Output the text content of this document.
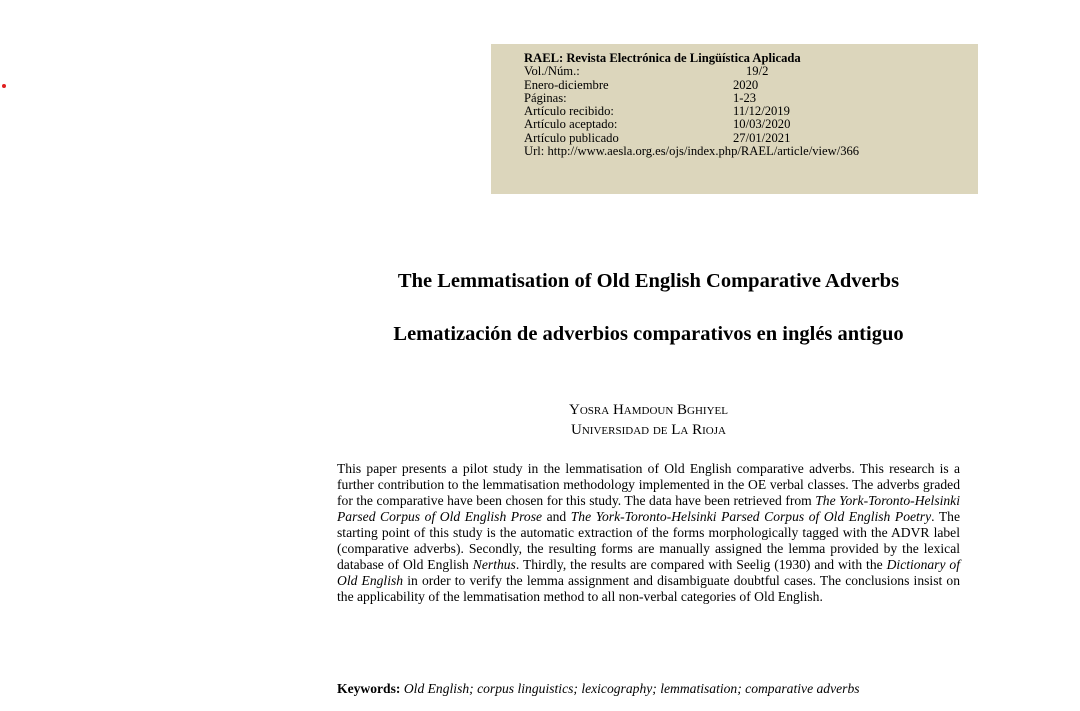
RAEL: Revista Electrónica de Lingüística Aplicada
Vol./Núm.:	19/2
Enero-diciembre	2020
Páginas:	1-23
Artículo recibido:	11/12/2019
Artículo aceptado:	10/03/2020
Artículo publicado	27/01/2021
Url: http://www.aesla.org.es/ojs/index.php/RAEL/article/view/366
The Lemmatisation of Old English Comparative Adverbs
Lematización de adverbios comparativos en inglés antiguo
Yosra Hamdoun Bghiyel
Universidad de La Rioja

This paper presents a pilot study in the lemmatisation of Old English comparative adverbs. This research is a further contribution to the lemmatisation methodology implemented in the OE verbal classes. The adverbs graded for the comparative have been chosen for this study. The data have been retrieved from The York-Toronto-Helsinki Parsed Corpus of Old English Prose and The York-Toronto-Helsinki Parsed Corpus of Old English Poetry. The starting point of this study is the automatic extraction of the forms morphologically tagged with the ADVR label (comparative adverbs). Secondly, the resulting forms are manually assigned the lemma provided by the lexical database of Old English Nerthus. Thirdly, the results are compared with Seelig (1930) and with the Dictionary of Old English in order to verify the lemma assignment and disambiguate doubtful cases. The conclusions insist on the applicability of the lemmatisation method to all non-verbal categories of Old English.

Keywords: Old English; corpus linguistics; lexicography; lemmatisation; comparative adverbs
